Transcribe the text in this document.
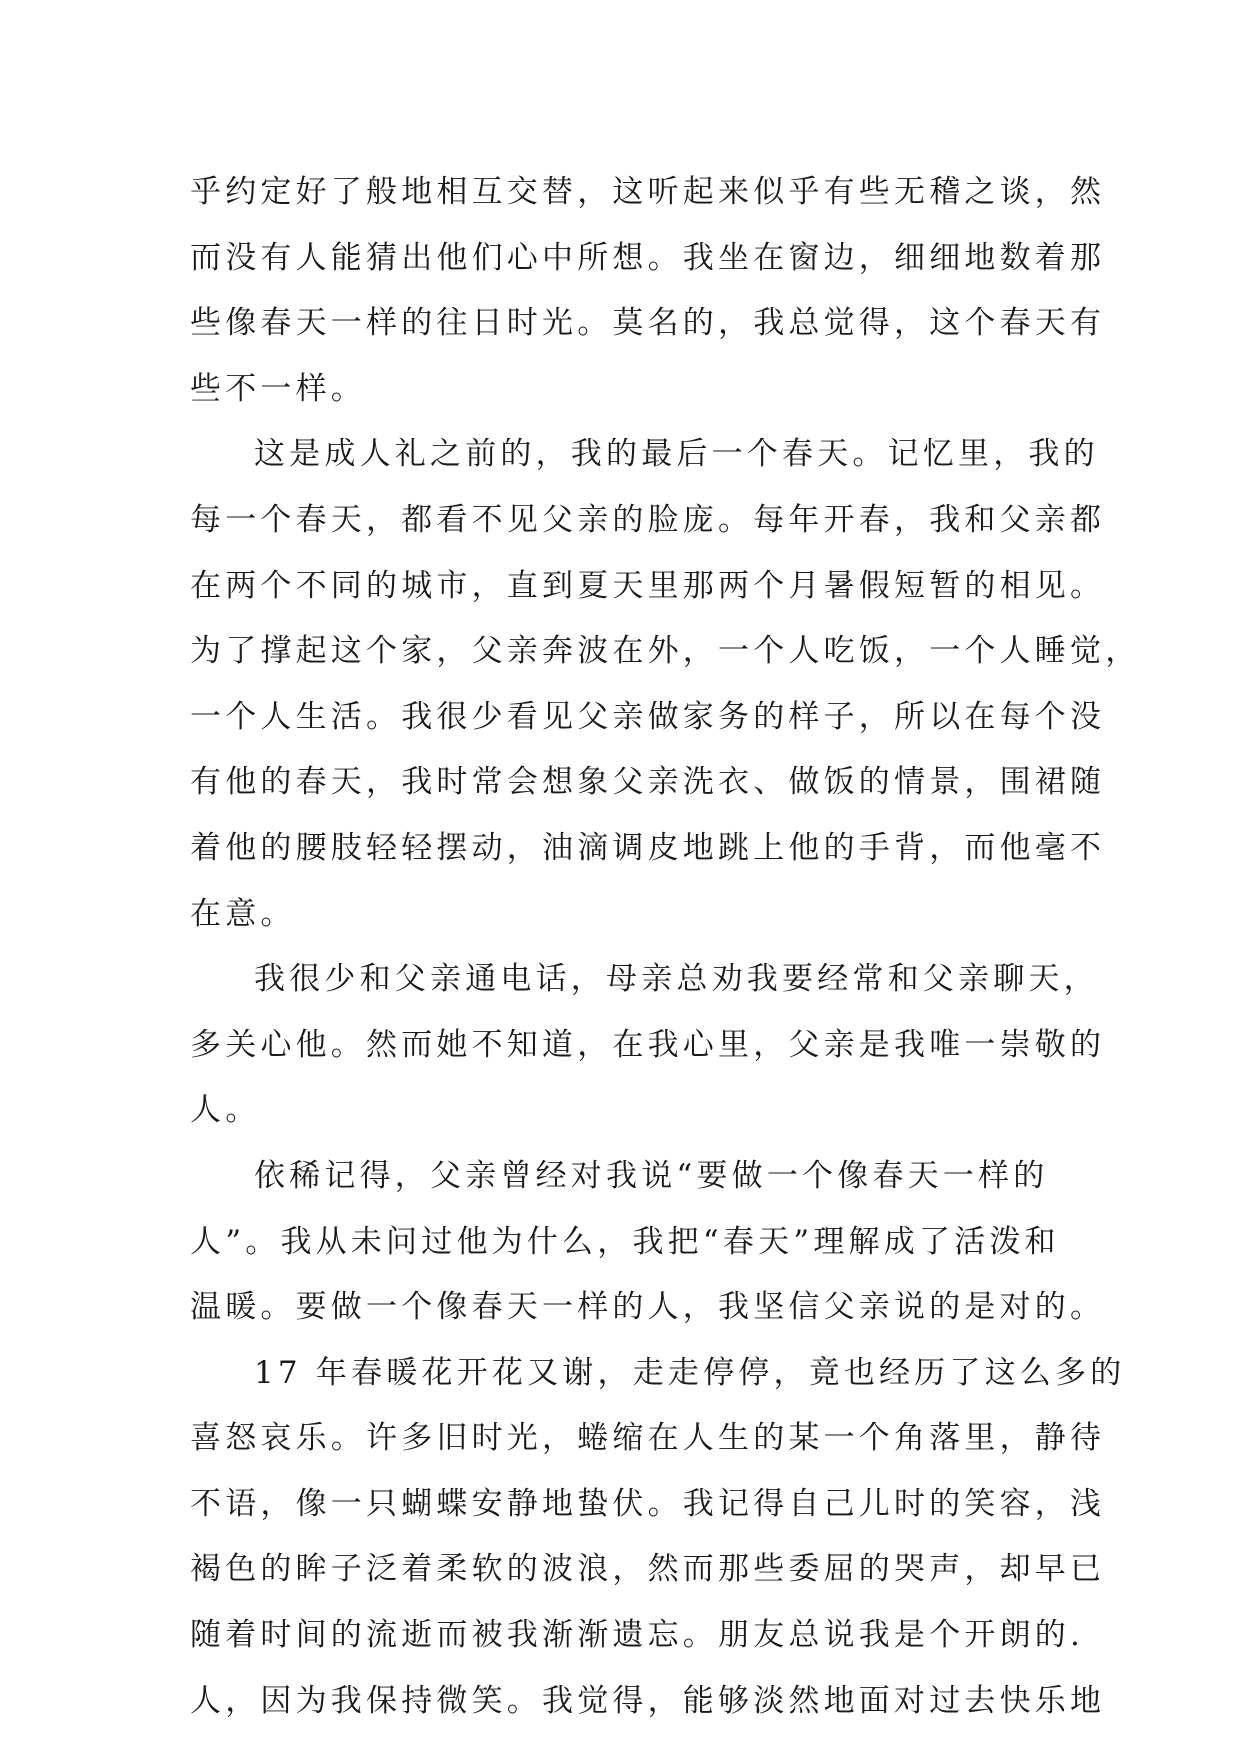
乎约定好了般地相互交替，这听起来似乎有些无稽之谈，然
而没有人能猜出他们心中所想。我坐在窗边，细细地数着那
些像春天一样的往日时光。莫名的，我总觉得，这个春天有
些不一样。
这是成人礼之前的，我的最后一个春天。记忆里，我的
每一个春天，都看不见父亲的脸庞。每年开春，我和父亲都
在两个不同的城市，直到夏天里那两个月暑假短暂的相见。
为了撑起这个家，父亲奔波在外，一个人吃饭，一个人睡觉，
一个人生活。我很少看见父亲做家务的样子，所以在每个没
有他的春天，我时常会想象父亲洗衣、做饭的情景，围裙随
着他的腰肢轻轻摆动，油滴调皮地跳上他的手背，而他毫不
在意。
我很少和父亲通电话，母亲总劝我要经常和父亲聊天，
多关心他。然而她不知道，在我心里，父亲是我唯一崇敬的
人。
依稀记得，父亲曾经对我说“要做一个像春天一样的
人”。我从未问过他为什么，我把“春天”理解成了活泼和
温暖。要做一个像春天一样的人，我坚信父亲说的是对的。
17 年春暖花开花又谢，走走停停，竟也经历了这么多的
喜怒哀乐。许多旧时光，蜷缩在人生的某一个角落里，静待
不语，像一只蝴蝶安静地蛰伏。我记得自己儿时的笑容，浅
褐色的眸子泛着柔软的波浪，然而那些委屈的哭声，却早已
随着时间的流逝而被我渐渐遗忘。朋友总说我是个开朗的.
人，因为我保持微笑。我觉得，能够淡然地面对过去快乐地
